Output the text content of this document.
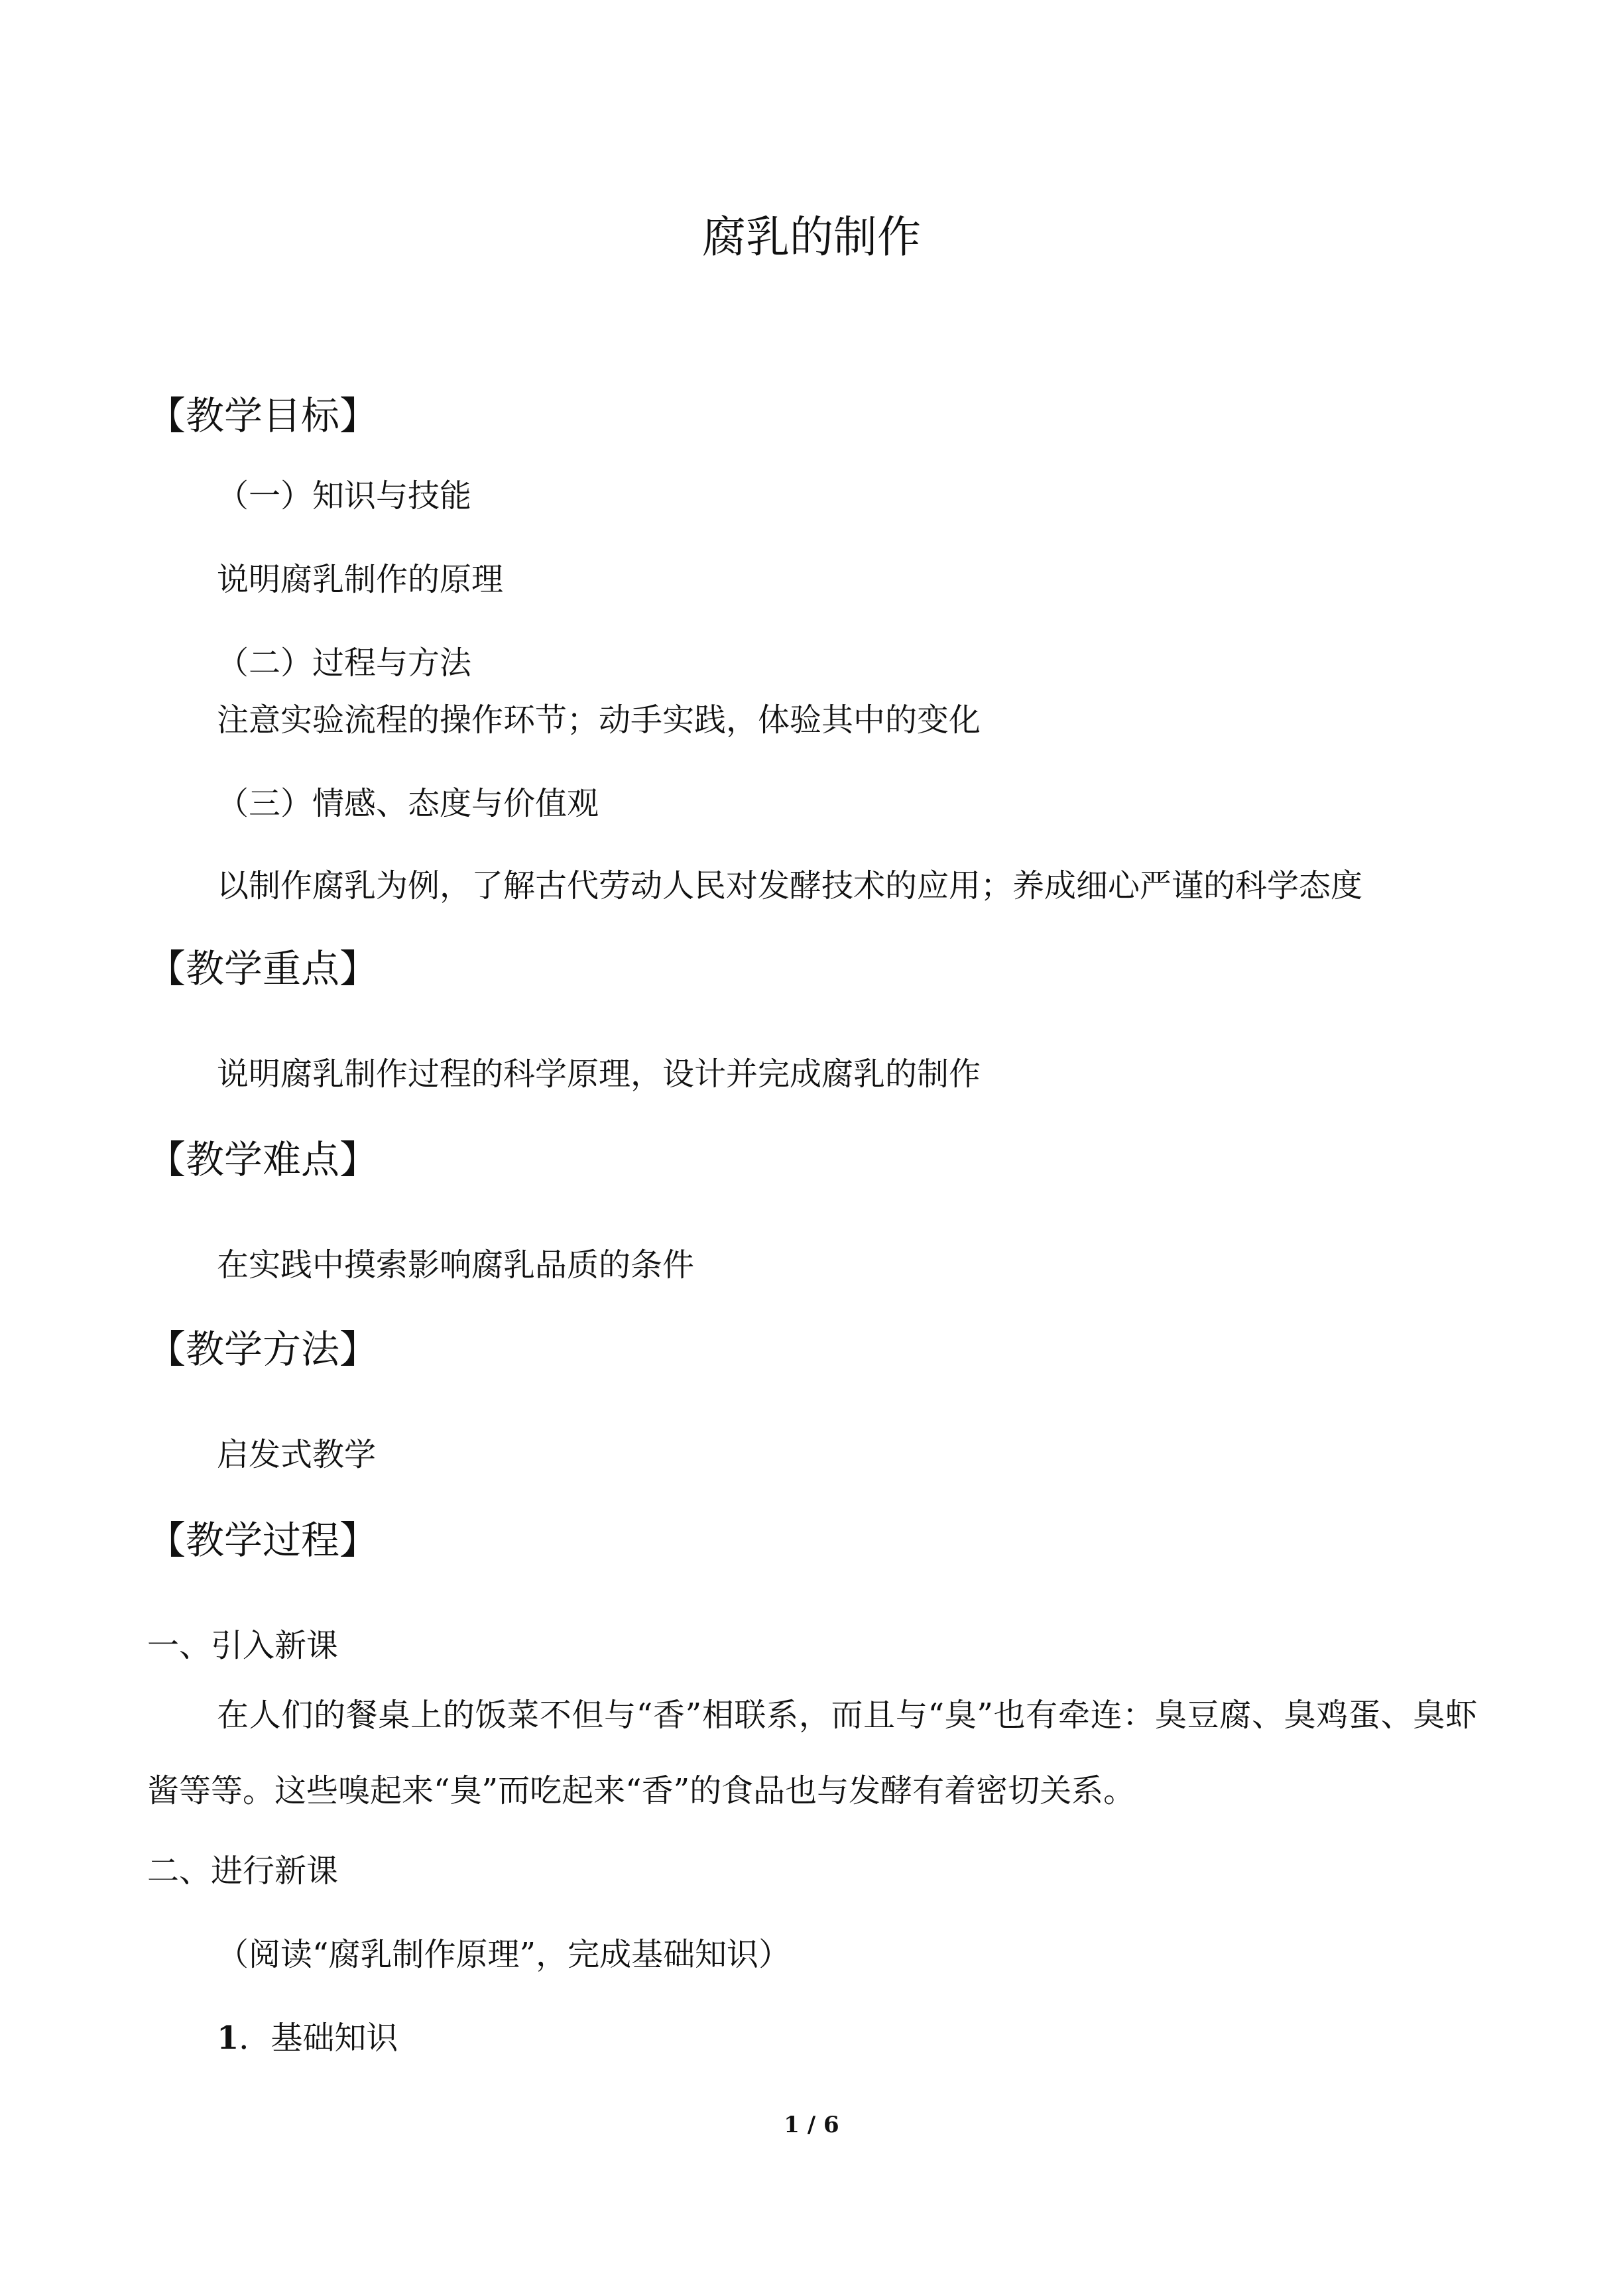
腐乳的制作
【教学目标】
（一）知识与技能
说明腐乳制作的原理
（二）过程与方法
注意实验流程的操作环节；动手实践，体验其中的变化
（三）情感、态度与价值观
以制作腐乳为例，了解古代劳动人民对发酵技术的应用；养成细心严谨的科学态度
【教学重点】
说明腐乳制作过程的科学原理，设计并完成腐乳的制作
【教学难点】
在实践中摸索影响腐乳品质的条件
【教学方法】
启发式教学
【教学过程】
一、引入新课
在人们的餐桌上的饭菜不但与“香”相联系，而且与“臭”也有牵连：臭豆腐、臭鸡蛋、臭虾酱等等。这些嗅起来“臭”而吃起来“香”的食品也与发酵有着密切关系。
二、进行新课
（阅读“腐乳制作原理”，完成基础知识）
1．基础知识
1 / 6
